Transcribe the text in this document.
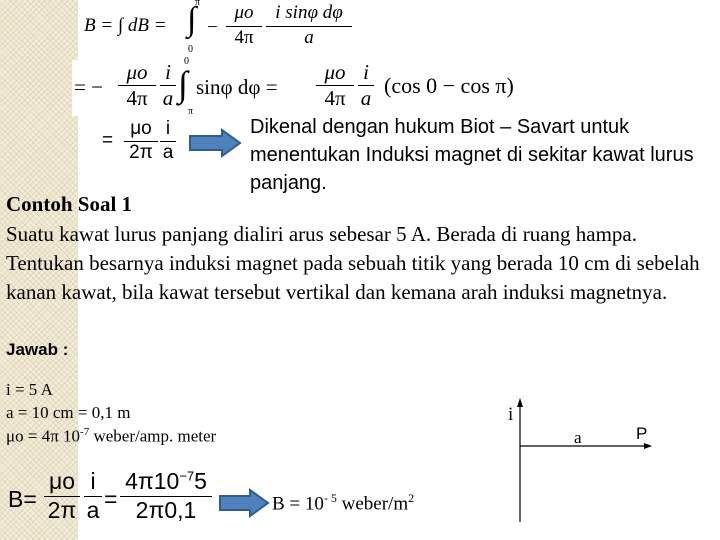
B = ∫ dB = ∫
π
0
− $\frac{\mu o}{4\pi} \frac{\text{i sinφ dφ}}{a}$
= − $\frac{\mu o}{4\pi} \frac{i}{a} 0$
∫
π
sinφ $d\varphi = \frac{\mu o}{4\pi} \frac{i}{a} (\cos$ 0 − cos π)
= $\frac{\mu o}{2\pi} \frac{i}{a}$	Dikenal dengan hukum Biot – Savart untuk menentukan Induksi magnet di sekitar kawat lurus panjang.
Contoh Soal 1
Suatu kawat lurus panjang dialiri arus sebesar 5 A. Berada di ruang hampa. Tentukan besarnya induksi magnet pada sebuah titik yang berada 10 cm di sebelah kanan kawat, bila kawat tersebut vertikal dan kemana arah induksi magnetnya.
Jawab :
i = 5 A
a = 10 cm = 0,1 m
μo = 4π $10^{-7}$ weber/amp. meter
$B= \frac{\mu o}{2\pi} \frac{i}{a} = \frac{4\pi 10^{-7}5}{2\pi 0,1}$	$B = 10^{- 5}$ weber/$m^2$
i
a	P
